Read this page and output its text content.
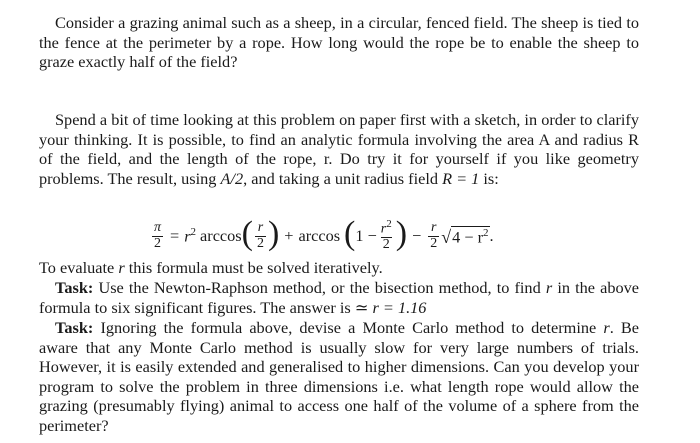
Consider a grazing animal such as a sheep, in a circular, fenced field. The sheep is tied to the fence at the perimeter by a rope. How long would the rope be to enable the sheep to graze exactly half of the field?

Spend a bit of time looking at this problem on paper first with a sketch, in order to clarify your thinking. It is possible, to find an analytic formula involving the area A and radius R of the field, and the length of the rope, r. Do try it for yourself if you like geometry problems. The result, using A/2, and taking a unit radius field R = 1 is:

$\frac{\pi}{2} = r^2$ arccos ( $\frac{r}{2}$ ) + arccos ( $1 - \frac{r^2}{2}$ ) − $\frac{r}{2}$ √ $4 - r^2$ .

To evaluate r this formula must be solved iteratively.

Task: Use the Newton-Raphson method, or the bisection method, to find r in the above formula to six significant figures. The answer is ≃ r = 1.16

Task: Ignoring the formula above, devise a Monte Carlo method to determine r. Be aware that any Monte Carlo method is usually slow for very large numbers of trials. However, it is easily extended and generalised to higher dimensions. Can you develop your program to solve the problem in three dimensions i.e. what length rope would allow the grazing (presumably flying) animal to access one half of the volume of a sphere from the perimeter?
